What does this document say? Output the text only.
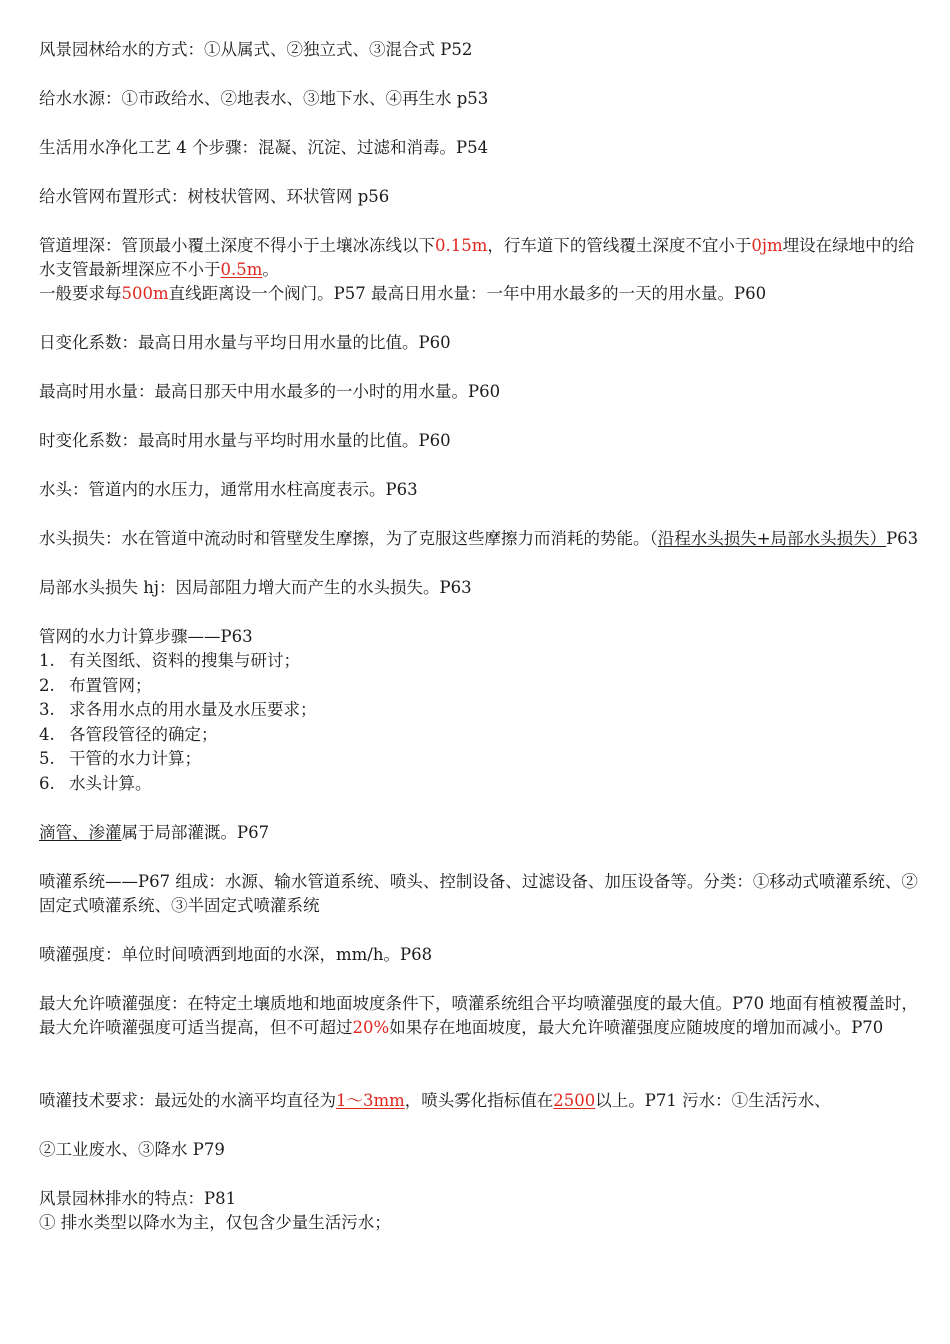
风景园林给水的方式：①从属式、②独立式、③混合式 P52

给水水源：①市政给水、②地表水、③地下水、④再生水 p53

生活用水净化工艺 4 个步骤：混凝、沉淀、过滤和消毒。P54

给水管网布置形式：树枝状管网、环状管网 p56

管道埋深：管顶最小覆土深度不得小于土壤冰冻线以下0.15m，行车道下的管线覆土深度不宜小于0jm埋设在绿地中的给水支管最新埋深应不小于0.5m。

一般要求每500m直线距离设一个阀门。P57 最高日用水量：一年中用水最多的一天的用水量。P60

日变化系数：最高日用水量与平均日用水量的比值。P60

最高时用水量：最高日那天中用水最多的一小时的用水量。P60

时变化系数：最高时用水量与平均时用水量的比值。P60

水头：管道内的水压力，通常用水柱高度表示。P63

水头损失：水在管道中流动时和管壁发生摩擦，为了克服这些摩擦力而消耗的势能。（沿程水头损失+局部水头损失）P63

局部水头损失 hj：因局部阻力增大而产生的水头损失。P63

管网的水力计算步骤——P63

1. 有关图纸、资料的搜集与研讨；

2. 布置管网；

3. 求各用水点的用水量及水压要求；

4. 各管段管径的确定；

5. 干管的水力计算；

6. 水头计算。

滴管、渗灌属于局部灌溉。P67

喷灌系统——P67 组成：水源、输水管道系统、喷头、控制设备、过滤设备、加压设备等。分类：①移动式喷灌系统、②固定式喷灌系统、③半固定式喷灌系统

喷灌强度：单位时间喷洒到地面的水深，mm/h。P68

最大允许喷灌强度：在特定土壤质地和地面坡度条件下，喷灌系统组合平均喷灌强度的最大值。P70 地面有植被覆盖时，最大允许喷灌强度可适当提高，但不可超过20%如果存在地面坡度，最大允许喷灌强度应随坡度的增加而减小。P70

喷灌技术要求：最远处的水滴平均直径为1～3mm，喷头雾化指标值在2500以上。P71 污水：①生活污水、

②工业废水、③降水 P79

风景园林排水的特点：P81

① 排水类型以降水为主，仅包含少量生活污水；
